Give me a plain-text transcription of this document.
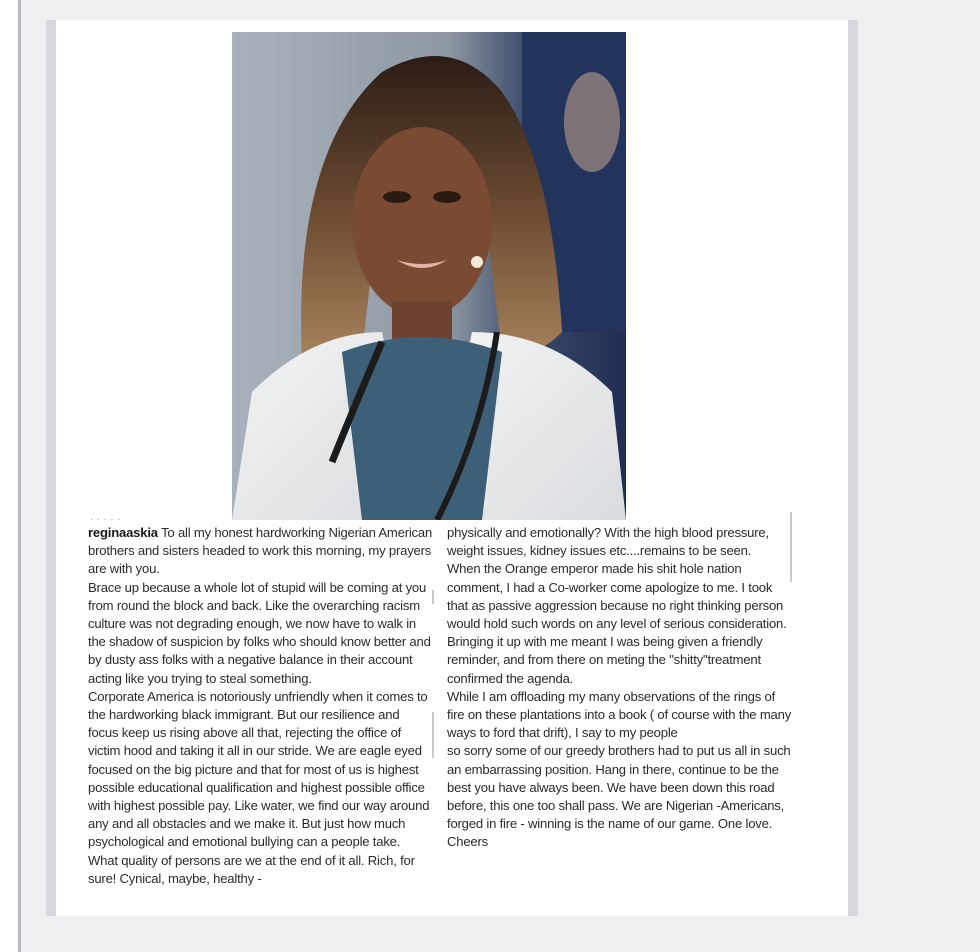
· · · · ·

reginaaskia To all my honest hardworking Nigerian American brothers and sisters headed to work this morning, my prayers are with you.

Brace up because a whole lot of stupid will be coming at you from round the block and back. Like the overarching racism culture was not degrading enough, we now have to walk in the shadow of suspicion by folks who should know better and by dusty ass folks with a negative balance in their account acting like you trying to steal something.

Corporate America is notoriously unfriendly when it comes to the hardworking black immigrant. But our resilience and focus keep us rising above all that, rejecting the office of victim hood and taking it all in our stride. We are eagle eyed focused on the big picture and that for most of us is highest possible educational qualification and highest possible office with highest possible pay. Like water, we find our way around any and all obstacles and we make it. But just how much psychological and emotional bullying can a people take. What quality of persons are we at the end of it all. Rich, for sure! Cynical, maybe, healthy -

physically and emotionally? With the high blood pressure, weight issues, kidney issues etc....remains to be seen.

When the Orange emperor made his shit hole nation comment, I had a Co-worker come apologize to me. I took that as passive aggression because no right thinking person would hold such words on any level of serious consideration. Bringing it up with me meant I was being given a friendly reminder, and from there on meting the "shitty"treatment confirmed the agenda.

While I am offloading my many observations of the rings of fire on these plantations into a book ( of course with the many ways to ford that drift), I say to my people

so sorry some of our greedy brothers had to put us all in such an embarrassing position. Hang in there, continue to be the best you have always been. We have been down this road before, this one too shall pass. We are Nigerian -Americans, forged in fire - winning is the name of our game. One love.

Cheers
